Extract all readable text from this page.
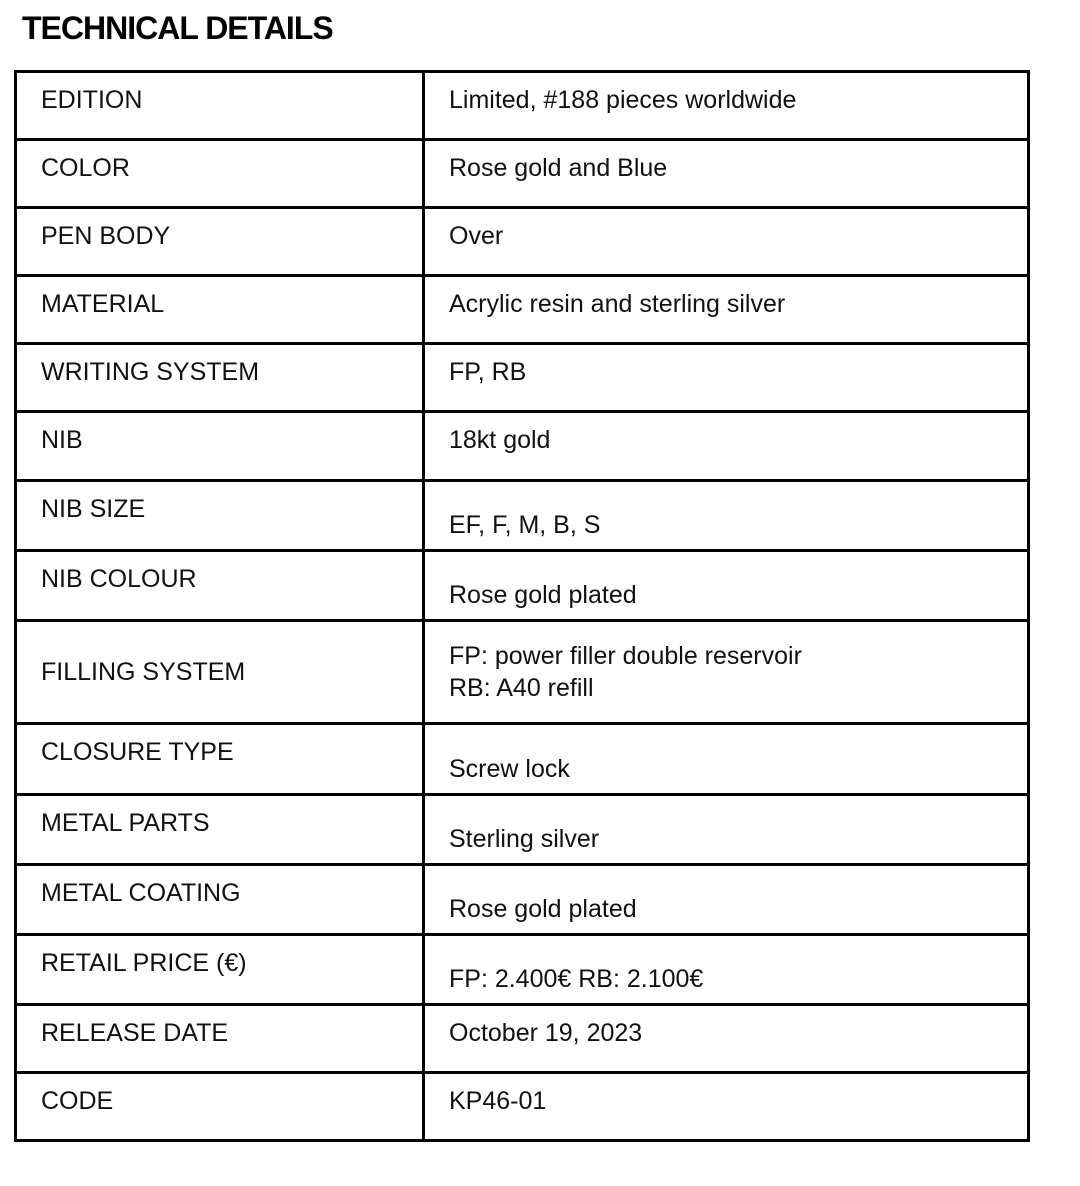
TECHNICAL DETAILS
EDITION	Limited, #188 pieces worldwide
COLOR	Rose gold and Blue
PEN BODY	Over
MATERIAL	Acrylic resin and sterling silver
WRITING SYSTEM	FP, RB
NIB	18kt gold
NIB SIZE	EF, F, M, B, S
NIB COLOUR	Rose gold plated
FILLING SYSTEM	FP: power filler double reservoir
RB: A40 refill

CLOSURE TYPE	Screw lock
METAL PARTS	Sterling silver
METAL COATING	Rose gold plated
RETAIL PRICE (€)	FP: 2.400€ RB: 2.100€
RELEASE DATE	October 19, 2023
CODE	KP46-01
